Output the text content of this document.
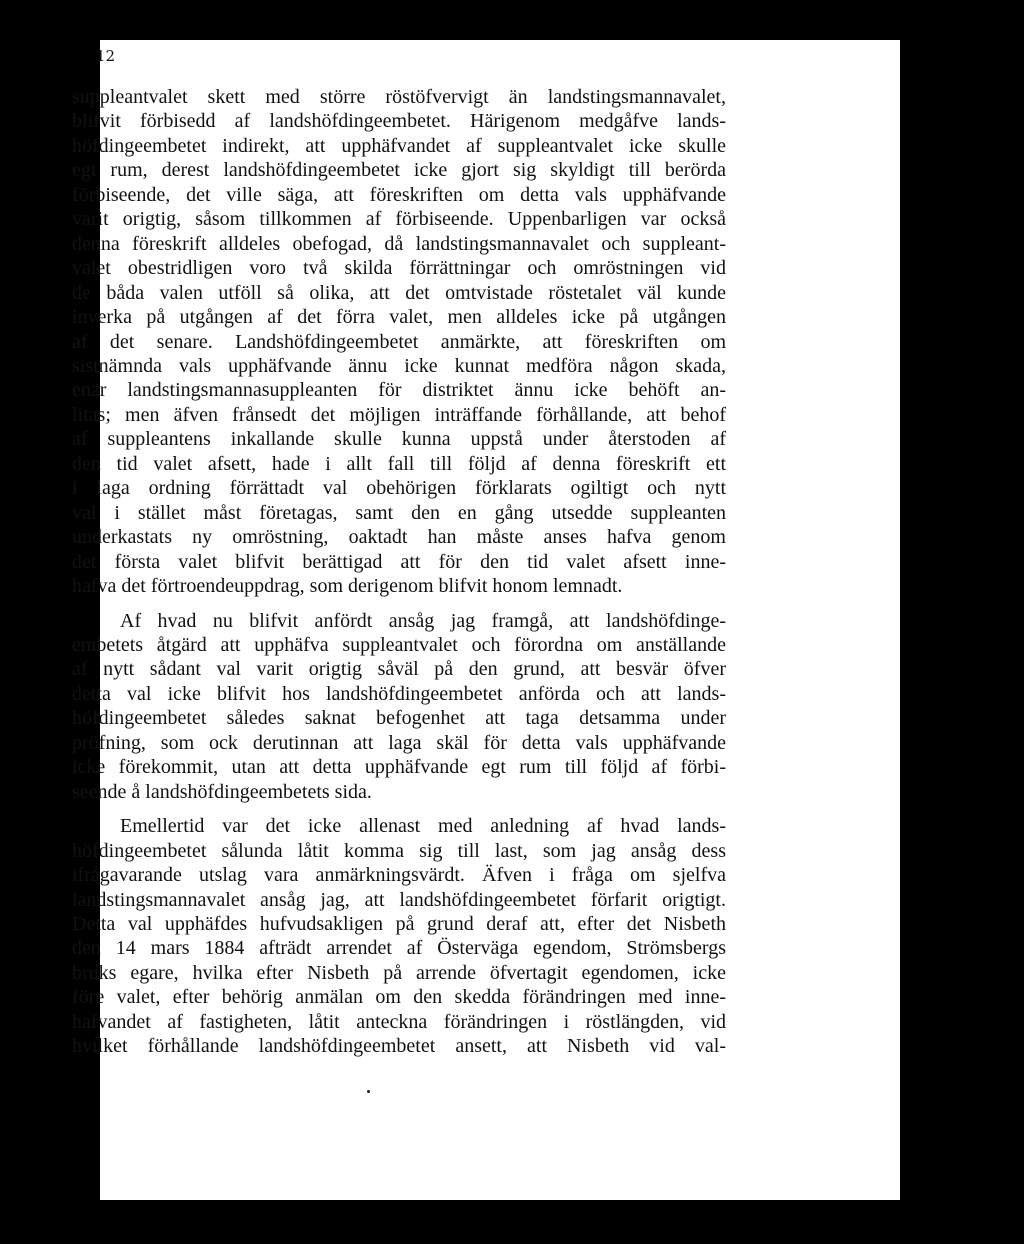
12

suppleantvalet skett med större röstöfvervigt än landstingsmannavalet,

blifvit förbisedd af landshöfdingeembetet. Härigenom medgåfve lands-

höfdingeembetet indirekt, att upphäfvandet af suppleantvalet icke skulle

egt rum, derest landshöfdingeembetet icke gjort sig skyldigt till berörda

förbiseende, det ville säga, att föreskriften om detta vals upphäfvande

varit origtig, såsom tillkommen af förbiseende. Uppenbarligen var också

denna föreskrift alldeles obefogad, då landstingsmannavalet och suppleant-

valet obestridligen voro två skilda förrättningar och omröstningen vid

de båda valen utföll så olika, att det omtvistade röstetalet väl kunde

inverka på utgången af det förra valet, men alldeles icke på utgången

af det senare. Landshöfdingeembetet anmärkte, att föreskriften om

sistnämnda vals upphäfvande ännu icke kunnat medföra någon skada,

enär landstingsmannasuppleanten för distriktet ännu icke behöft an-

litas; men äfven frånsedt det möjligen inträffande förhållande, att behof

af suppleantens inkallande skulle kunna uppstå under återstoden af

den tid valet afsett, hade i allt fall till följd af denna föreskrift ett

i laga ordning förrättadt val obehörigen förklarats ogiltigt och nytt

val i stället måst företagas, samt den en gång utsedde suppleanten

underkastats ny omröstning, oaktadt han måste anses hafva genom

det första valet blifvit berättigad att för den tid valet afsett inne-

hafva det förtroendeuppdrag, som derigenom blifvit honom lemnadt.

Af hvad nu blifvit anfördt ansåg jag framgå, att landshöfdinge-

embetets åtgärd att upphäfva suppleantvalet och förordna om anställande

af nytt sådant val varit origtig såväl på den grund, att besvär öfver

detta val icke blifvit hos landshöfdingeembetet anförda och att lands-

höfdingeembetet således saknat befogenhet att taga detsamma under

pröfning, som ock derutinnan att laga skäl för detta vals upphäfvande

icke förekommit, utan att detta upphäfvande egt rum till följd af förbi-

seende å landshöfdingeembetets sida.

Emellertid var det icke allenast med anledning af hvad lands-

höfdingeembetet sålunda låtit komma sig till last, som jag ansåg dess

ifrågavarande utslag vara anmärkningsvärdt. Äfven i fråga om sjelfva

landstingsmannavalet ansåg jag, att landshöfdingeembetet förfarit origtigt.

Detta val upphäfdes hufvudsakligen på grund deraf att, efter det Nisbeth

den 14 mars 1884 afträdt arrendet af Österväga egendom, Strömsbergs

bruks egare, hvilka efter Nisbeth på arrende öfvertagit egendomen, icke

före valet, efter behörig anmälan om den skedda förändringen med inne-

hafvandet af fastigheten, låtit anteckna förändringen i röstlängden, vid

hvilket förhållande landshöfdingeembetet ansett, att Nisbeth vid val-
